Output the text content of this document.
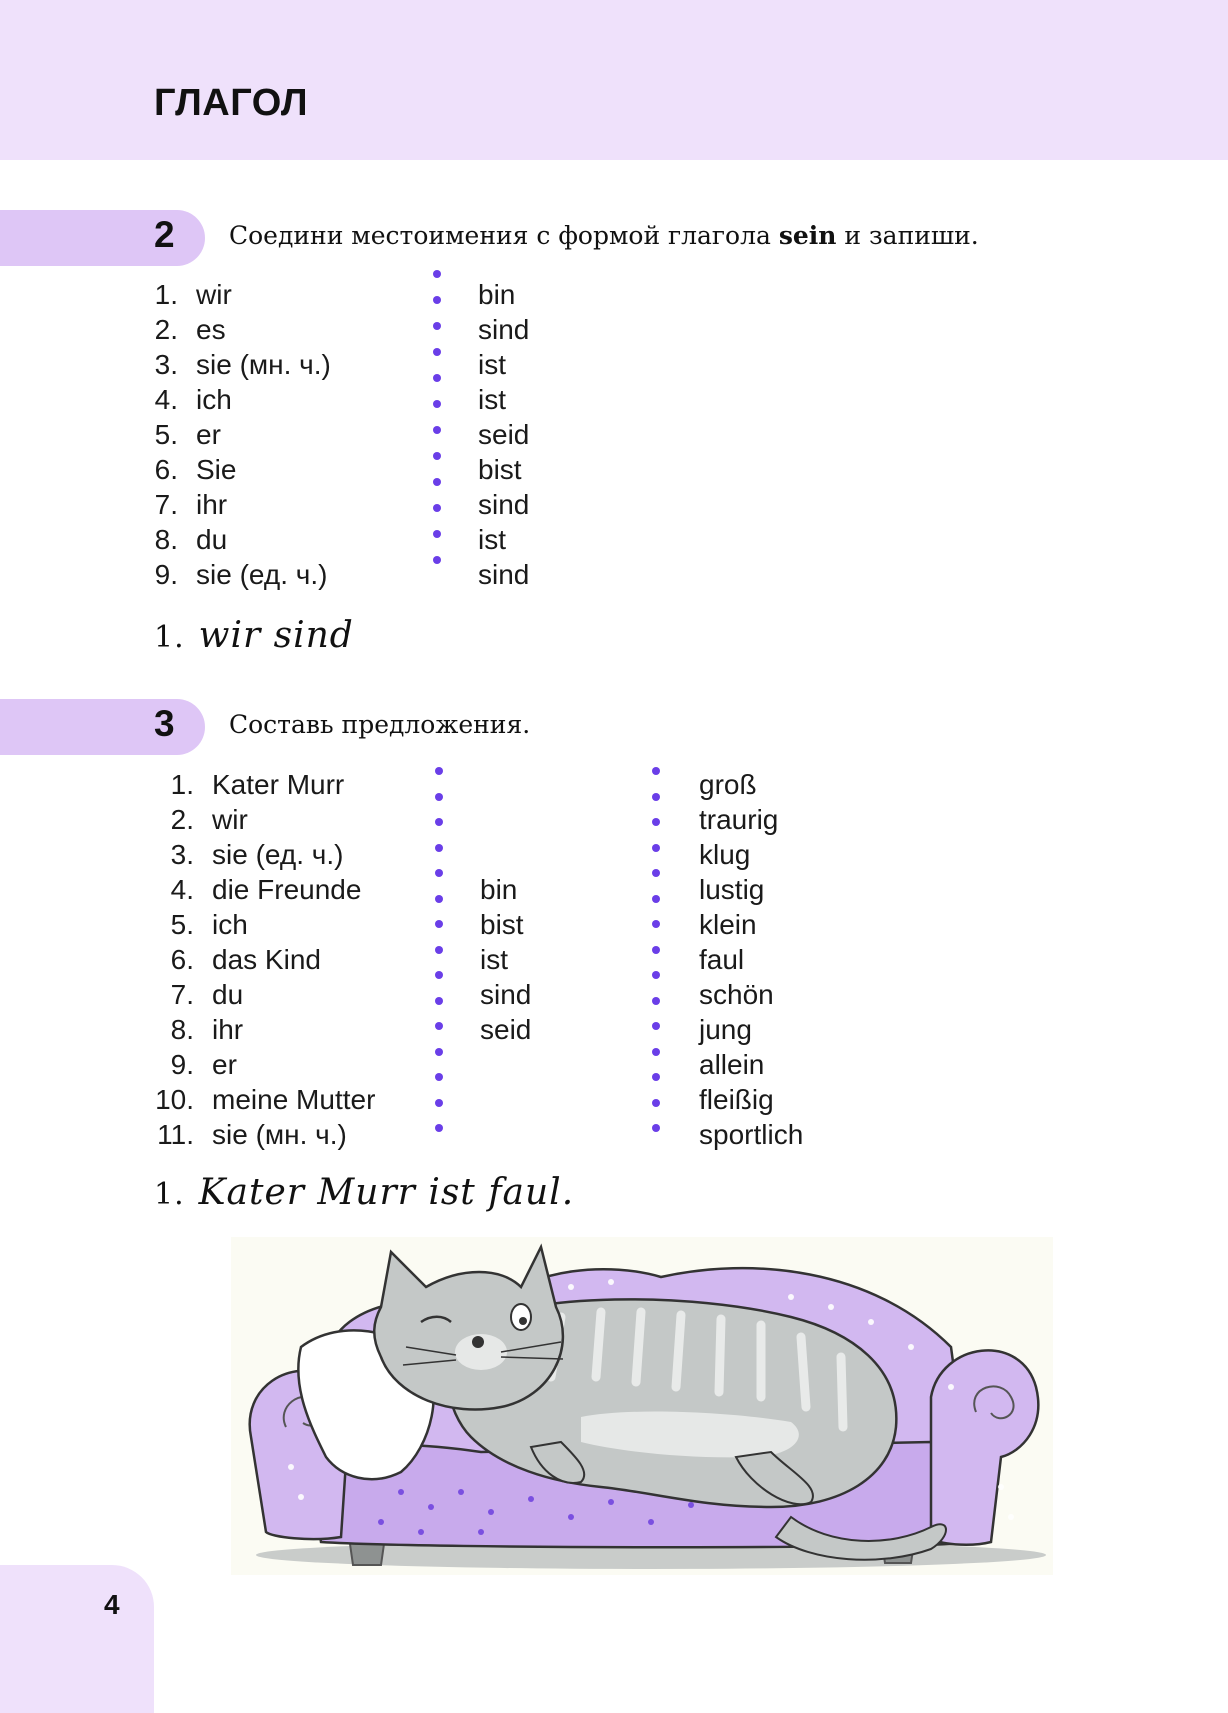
ГЛАГОЛ
2 Соедини местоимения с формой глагола sein и запиши.
1. wir
2. es
3. sie (мн. ч.)
4. ich
5. er
6. Sie
7. ihr
8. du
9. sie (ед. ч.)
bin
sind
ist
ist
seid
bist
sind
ist
sind
1. wir sind
3 Составь предложения.
1. Kater Murr
2. wir
3. sie (ед. ч.)
4. die Freunde
5. ich
6. das Kind
7. du
8. ihr
9. er
10. meine Mutter
11. sie (мн. ч.)
bin
bist
ist
sind
seid
groß
traurig
klug
lustig
klein
faul
schön
jung
allein
fleißig
sportlich
1. Kater Murr ist faul.
4
